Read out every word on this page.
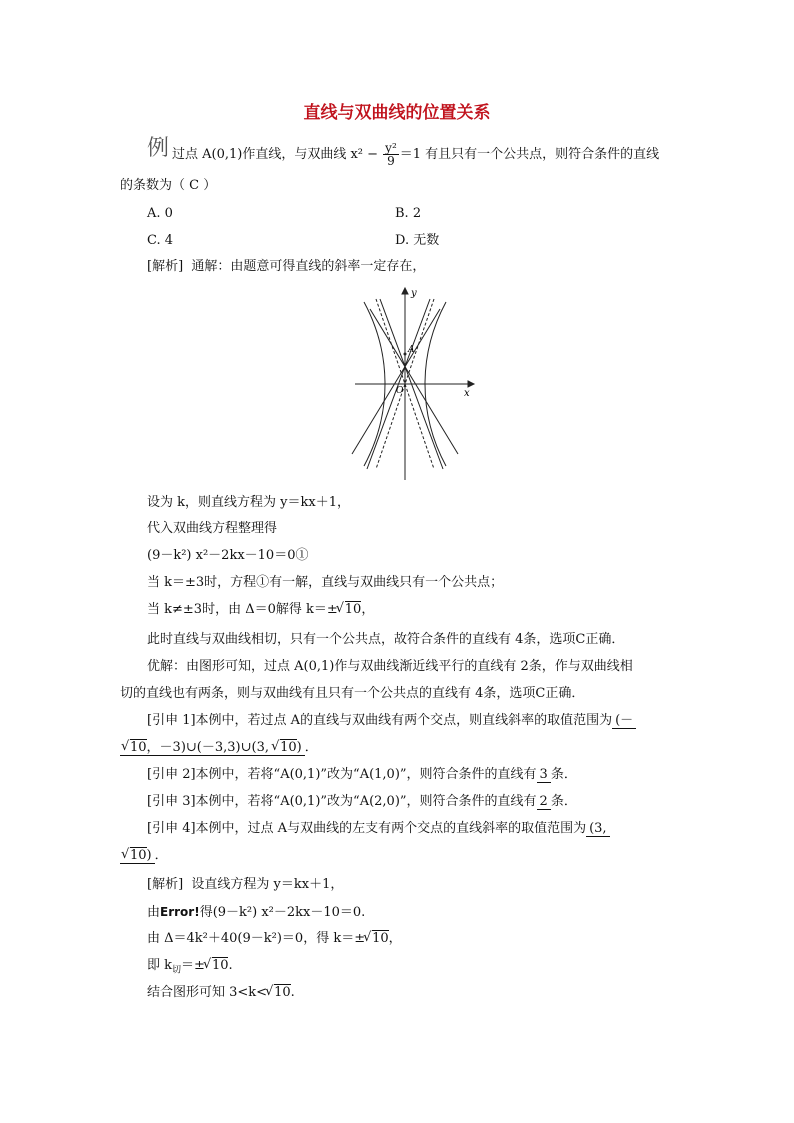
直线与双曲线的位置关系
例 过点 A(0,1)作直线，与双曲线 $x^2 - \frac{\text{y²}}{9} =1$ 有且只有一个公共点，则符合条件的直线
的条数为（ C ）
A. 0	B. 2
C. 4	D. 无数
[解析] 通解：由题意可得直线的斜率一定存在，
y
x
A
O
设为 k，则直线方程为 y＝kx＋1，
代入双曲线方程整理得
(9－k²) x²－2kx－10＝0①
当 k＝±3时，方程①有一解，直线与双曲线只有一个公共点；
当 k≠±3时，由 Δ＝0解得 k＝±√ 10，
此时直线与双曲线相切，只有一个公共点，故符合条件的直线有 4条，选项C正确．
优解：由图形可知，过点 A(0,1)作与双曲线渐近线平行的直线有 2条，作与双曲线相
切的直线也有两条，则与双曲线有且只有一个公共点的直线有 4条，选项C正确．
[引申 1]本例中，若过点 A的直线与双曲线有两个交点，则直线斜率的取值范围为 (－
√ 10，－3)∪(－3,3)∪(3, √ 10) ．
[引申 2]本例中，若将“A(0,1)”改为“A(1,0)”，则符合条件的直线有 3 条．
[引申 3]本例中，若将“A(0,1)”改为“A(2,0)”，则符合条件的直线有 2 条．
[引申 4]本例中，过点 A与双曲线的左支有两个交点的直线斜率的取值范围为 (3,
√ 10) ．
[解析] 设直线方程为 y＝kx＋1，
由Error!得(9－k²) x²－2kx－10＝0.
由 Δ＝4k²＋40(9－k²)＝0，得 k＝±√ 10，
即 $k_切=\pm√$ 10.
结合图形可知 3<k<√ 10.
